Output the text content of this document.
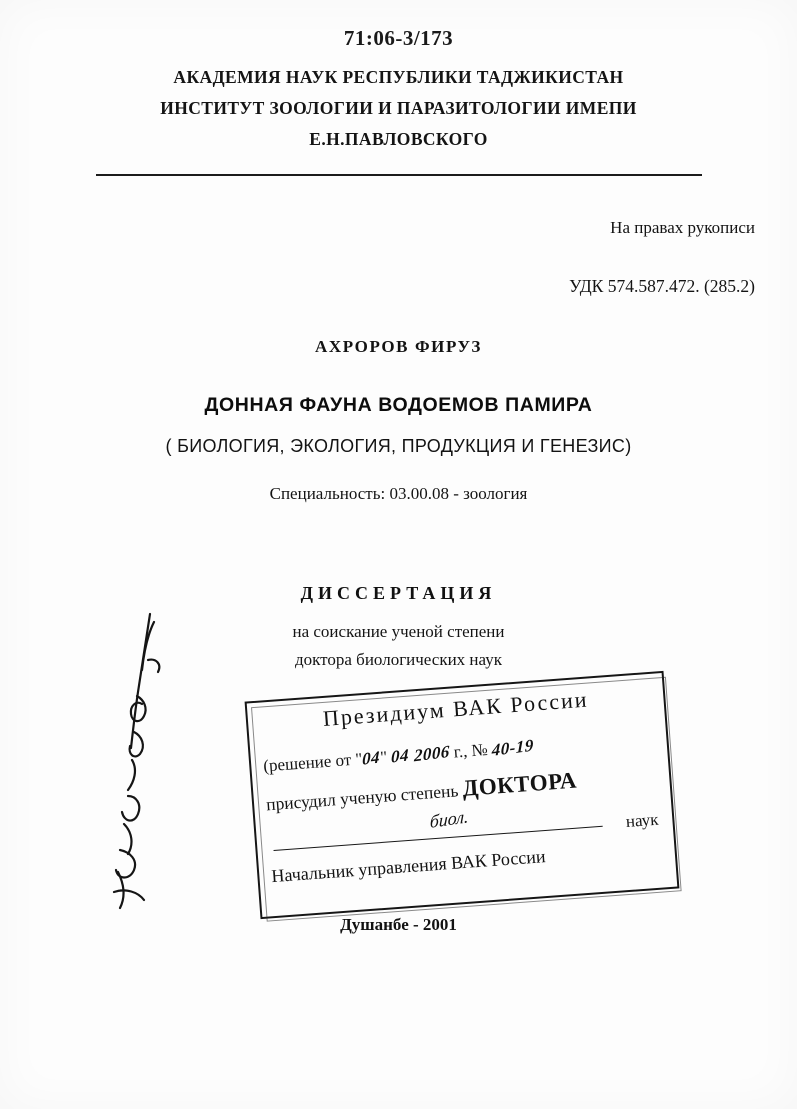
71:06-3/173
АКАДЕМИЯ НАУК РЕСПУБЛИКИ ТАДЖИКИСТАН
ИНСТИТУТ ЗООЛОГИИ И ПАРАЗИТОЛОГИИ ИМЕПИ
Е.Н.ПАВЛОВСКОГО
На правах рукописи
УДК 574.587.472. (285.2)
АХРОРОВ ФИРУЗ
ДОННАЯ ФАУНА ВОДОЕМОВ ПАМИРА
( БИОЛОГИЯ, ЭКОЛОГИЯ, ПРОДУКЦИЯ И ГЕНЕЗИС)
Специальность: 03.00.08 - зоология
ДИССЕРТАЦИЯ
на соискание ученой степени
доктора биологических наук
Президиум ВАК России
(решение от "04" 04 2006 г., № 40-19
присудил ученую степень ДОКТОРА
биол.	наук
Начальник управления ВАК России
Душанбе - 2001
